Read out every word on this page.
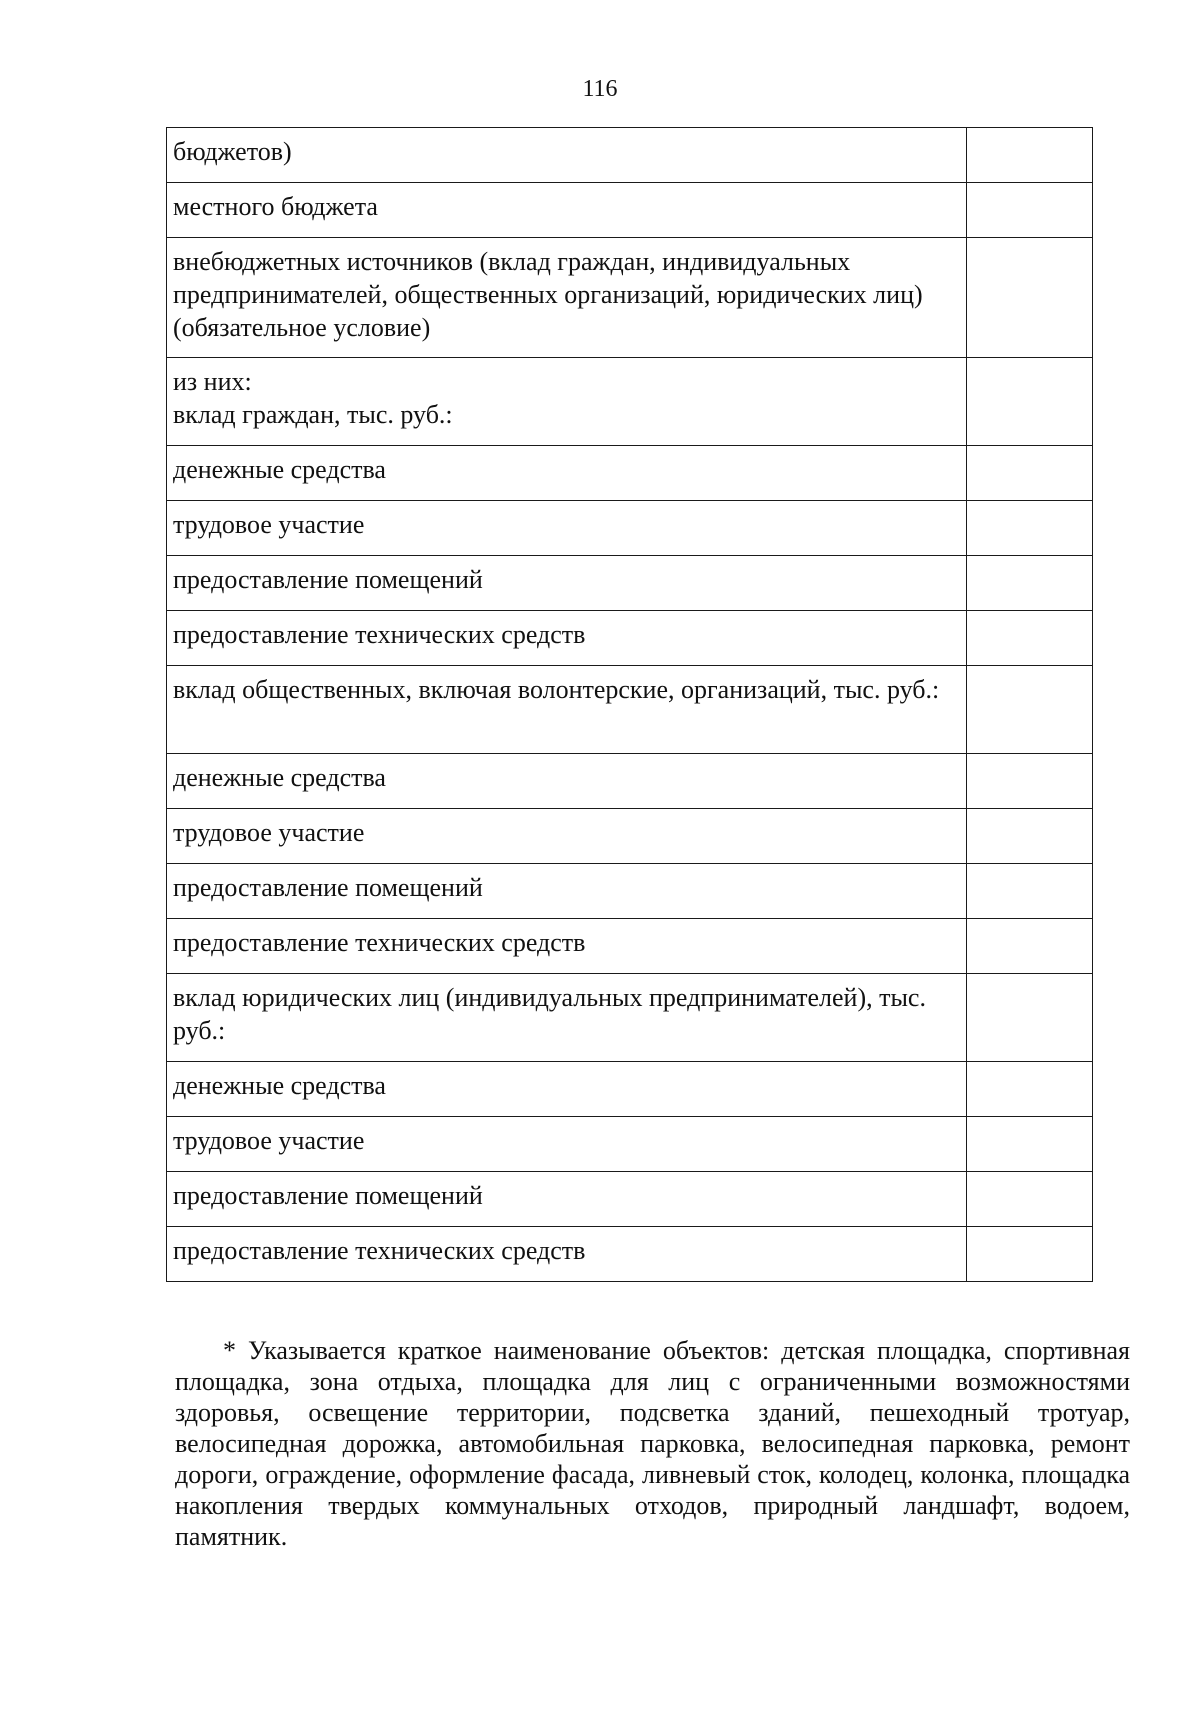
116
бюджетов)	
местного бюджета	
внебюджетных источников (вклад граждан, индивидуальных предпринимателей, общественных организаций, юридических лиц) (обязательное условие)	
из них:
вклад граждан, тыс. руб.:	
денежные средства	
трудовое участие	
предоставление помещений	
предоставление технических средств	
вклад общественных, включая волонтерские, организаций, тыс. руб.:	
денежные средства	
трудовое участие	
предоставление помещений	
предоставление технических средств	
вклад юридических лиц (индивидуальных предпринимателей), тыс. руб.:	
денежные средства	
трудовое участие	
предоставление помещений	
предоставление технических средств	

* Указывается краткое наименование объектов: детская площадка, спортивная площадка, зона отдыха, площадка для лиц с ограниченными возможностями здоровья, освещение территории, подсветка зданий, пешеходный тротуар, велосипедная дорожка, автомобильная парковка, велосипедная парковка, ремонт дороги, ограждение, оформление фасада, ливневый сток, колодец, колонка, площадка накопления твердых коммунальных отходов, природный ландшафт, водоем, памятник.
